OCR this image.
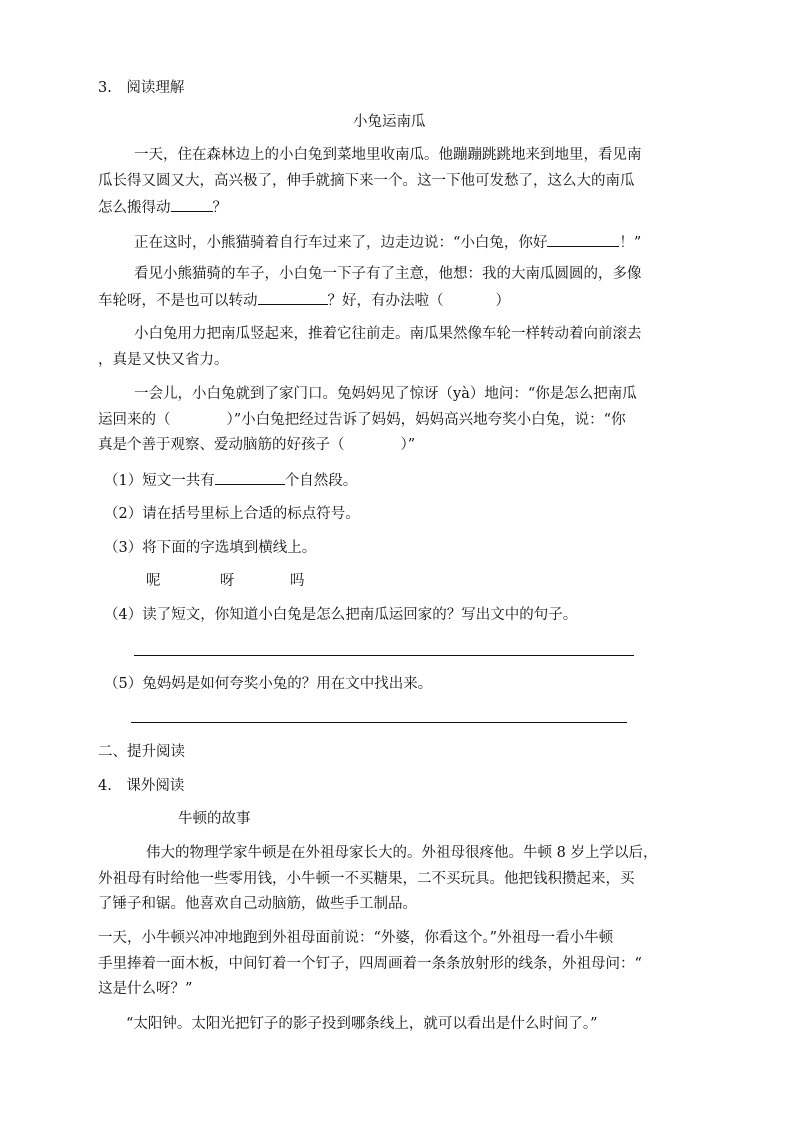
3.　阅读理解
小兔运南瓜
一天，住在森林边上的小白兔到菜地里收南瓜。他蹦蹦跳跳地来到地里，看见南
瓜长得又圆又大，高兴极了，伸手就摘下来一个。这一下他可发愁了，这么大的南瓜
怎么搬得动	？
正在这时，小熊猫骑着自行车过来了，边走边说：“小白兔，你好	！”
看见小熊猫骑的车子，小白兔一下子有了主意，他想：我的大南瓜圆圆的，多像
车轮呀，不是也可以转动	？好，有办法啦（	）
小白兔用力把南瓜竖起来，推着它往前走。南瓜果然像车轮一样转动着向前滚去
，真是又快又省力。
一会儿，小白兔就到了家门口。兔妈妈见了惊讶（yà）地问：“你是怎么把南瓜
运回来的（	）”小白兔把经过告诉了妈妈，妈妈高兴地夸奖小白兔，说：“你
真是个善于观察、爱动脑筋的好孩子（	）”
（1）短文一共有	个自然段。
（2）请在括号里标上合适的标点符号。
（3）将下面的字选填到横线上。
呢	呀	吗
（4）读了短文，你知道小白兔是怎么把南瓜运回家的？写出文中的句子。
（5）兔妈妈是如何夸奖小兔的？用在文中找出来。
二、提升阅读
4.　课外阅读
牛顿的故事
伟大的物理学家牛顿是在外祖母家长大的。外祖母很疼他。牛顿 8 岁上学以后，
外祖母有时给他一些零用钱，小牛顿一不买糖果，二不买玩具。他把钱积攒起来，买
了锤子和锯。他喜欢自己动脑筋，做些手工制品。
一天，小牛顿兴冲冲地跑到外祖母面前说：“外婆，你看这个。”外祖母一看小牛顿
手里捧着一面木板，中间钉着一个钉子，四周画着一条条放射形的线条，外祖母问：“
这是什么呀？”
“太阳钟。太阳光把钉子的影子投到哪条线上，就可以看出是什么时间了。”
